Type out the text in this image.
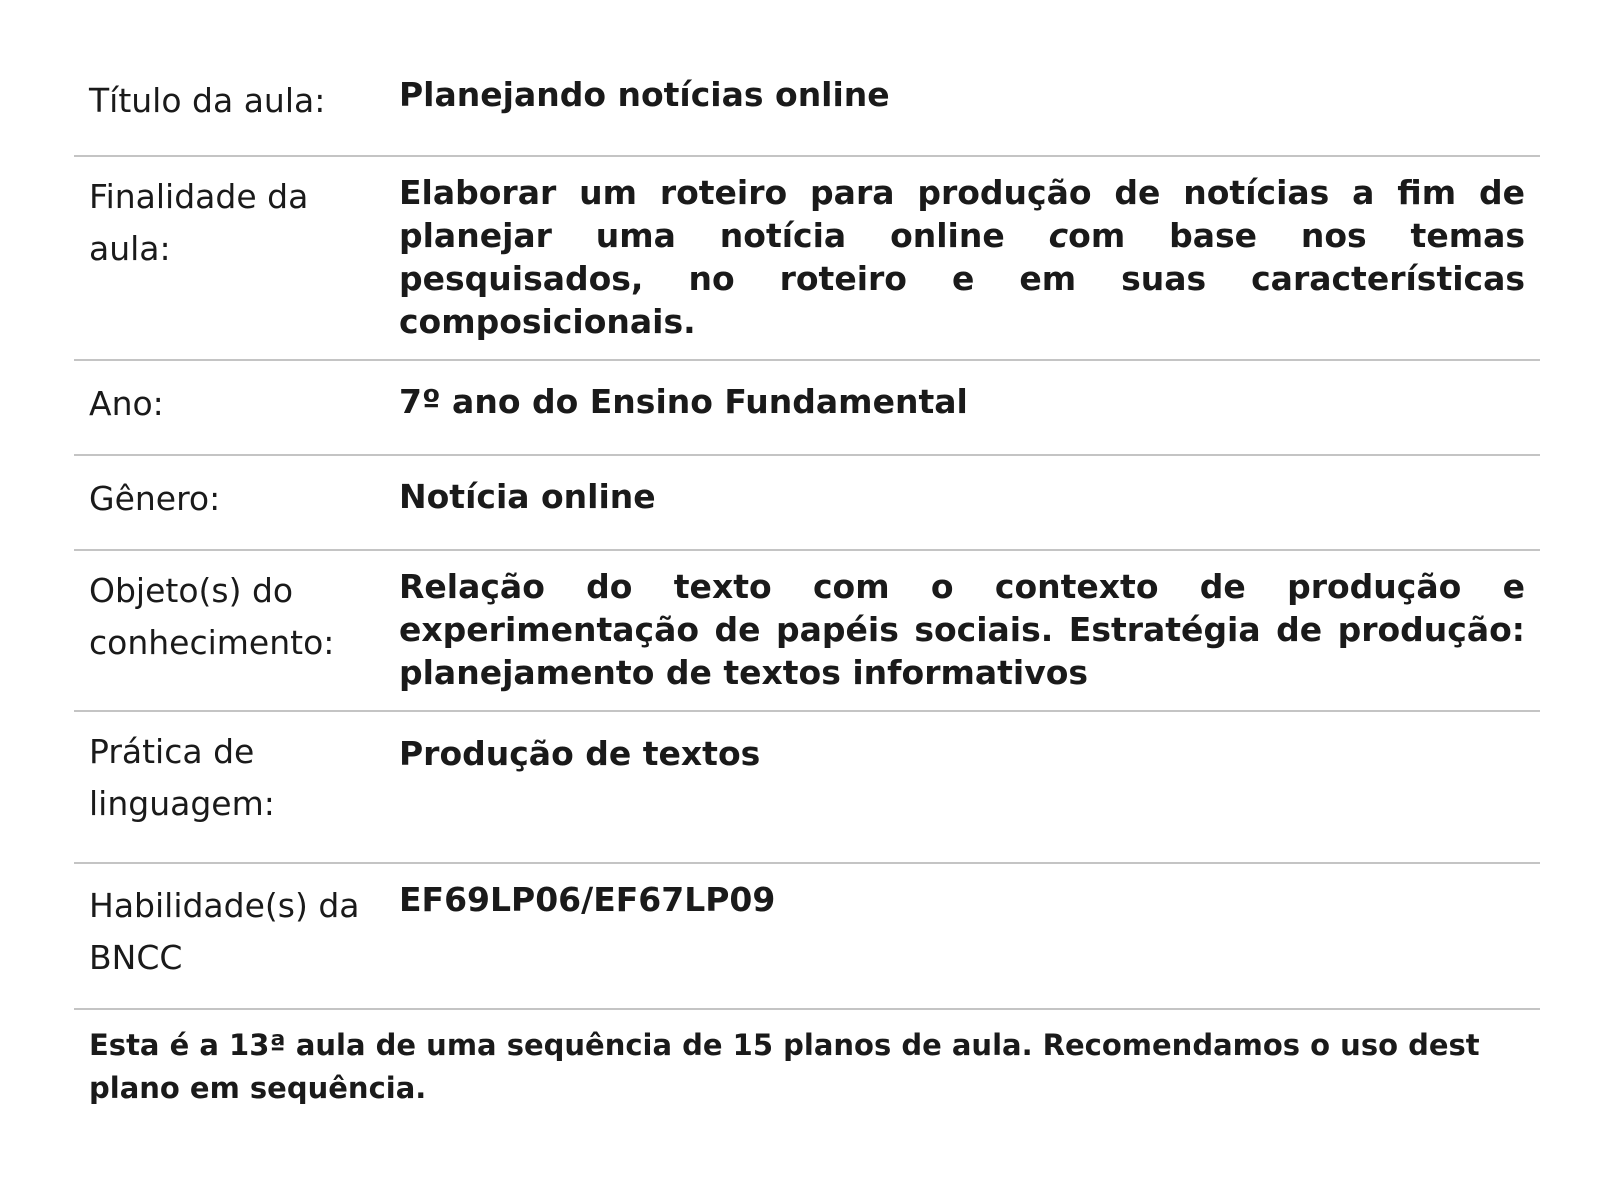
Título da aula:	Planejando notícias online
Finalidade da aula:	Elaborar um roteiro para produção de notícias a fim de planejar uma notícia online com base nos temas pesquisados, no roteiro e em suas características composicionais.
Ano:	7º ano do Ensino Fundamental
Gênero:	Notícia online
Objeto(s) do conhecimento:	Relação do texto com o contexto de produção e experimentação de papéis sociais. Estratégia de produção: planejamento de textos informativos
Prática de linguagem:	Produção de textos
Habilidade(s) da BNCC	EF69LP06/EF67LP09
Esta é a 13ª aula de uma sequência de 15 planos de aula. Recomendamos o uso dest plano em sequência.
